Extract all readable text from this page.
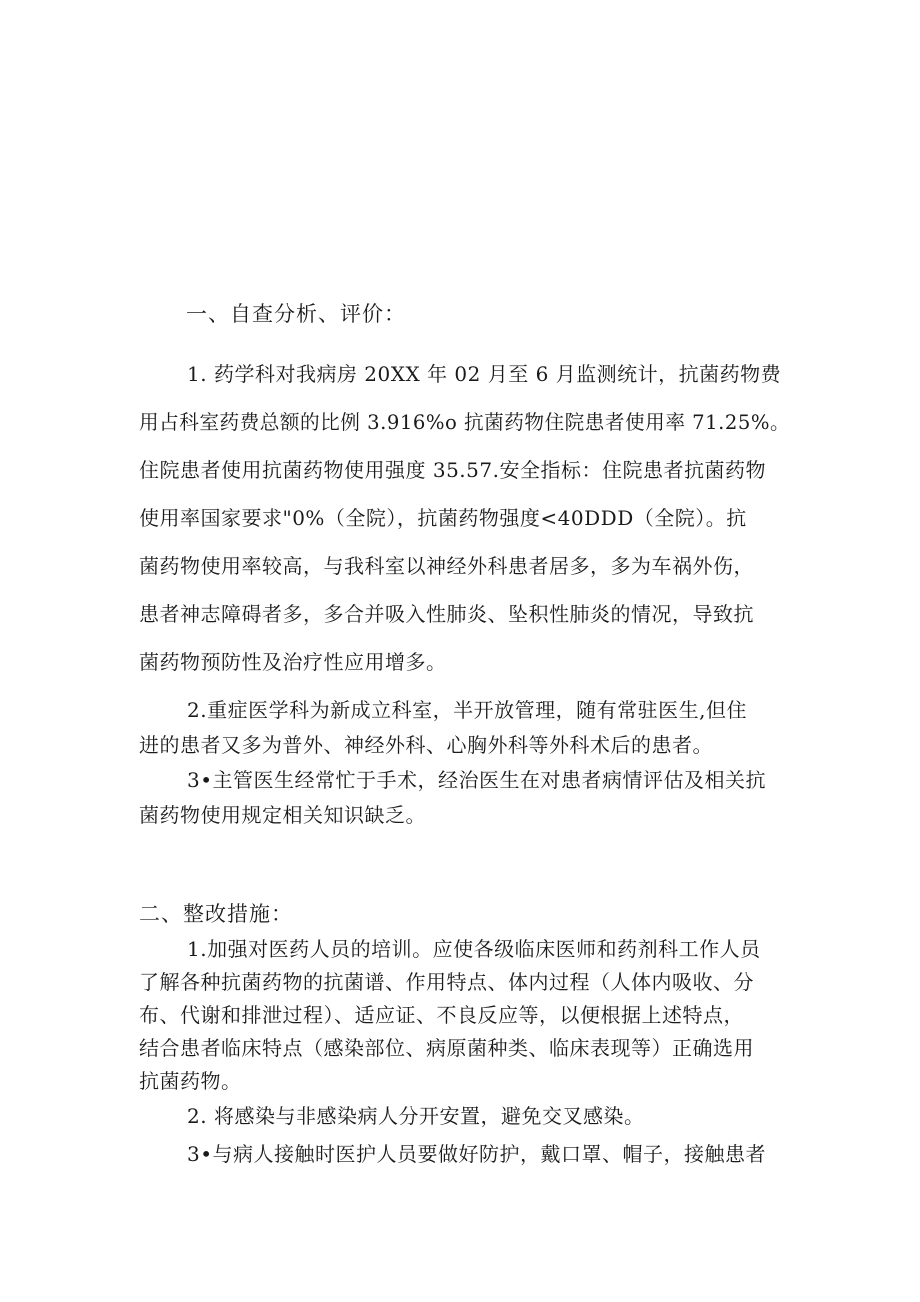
一、自查分析、评价：
1. 药学科对我病房 20XX 年 02 月至 6 月监测统计，抗菌药物费
用占科室药费总额的比例 3.916%o 抗菌药物住院患者使用率 71.25%。
住院患者使用抗菌药物使用强度 35.57.安全指标：住院患者抗菌药物
使用率国家要求"0%（全院），抗菌药物强度<40DDD（全院）。抗
菌药物使用率较高，与我科室以神经外科患者居多，多为车祸外伤，
患者神志障碍者多，多合并吸入性肺炎、坠积性肺炎的情况，导致抗
菌药物预防性及治疗性应用增多。
2.重症医学科为新成立科室，半开放管理，随有常驻医生,但住
进的患者又多为普外、神经外科、心胸外科等外科术后的患者。
3•主管医生经常忙于手术，经治医生在对患者病情评估及相关抗
菌药物使用规定相关知识缺乏。
二、整改措施：
1.加强对医药人员的培训。应使各级临床医师和药剂科工作人员
了解各种抗菌药物的抗菌谱、作用特点、体内过程（人体内吸收、分
布、代谢和排泄过程）、适应证、不良反应等，以便根据上述特点，
结合患者临床特点（感染部位、病原菌种类、临床表现等）正确选用
抗菌药物。
2. 将感染与非感染病人分开安置，避免交叉感染。
3•与病人接触时医护人员要做好防护，戴口罩、帽子，接触患者
